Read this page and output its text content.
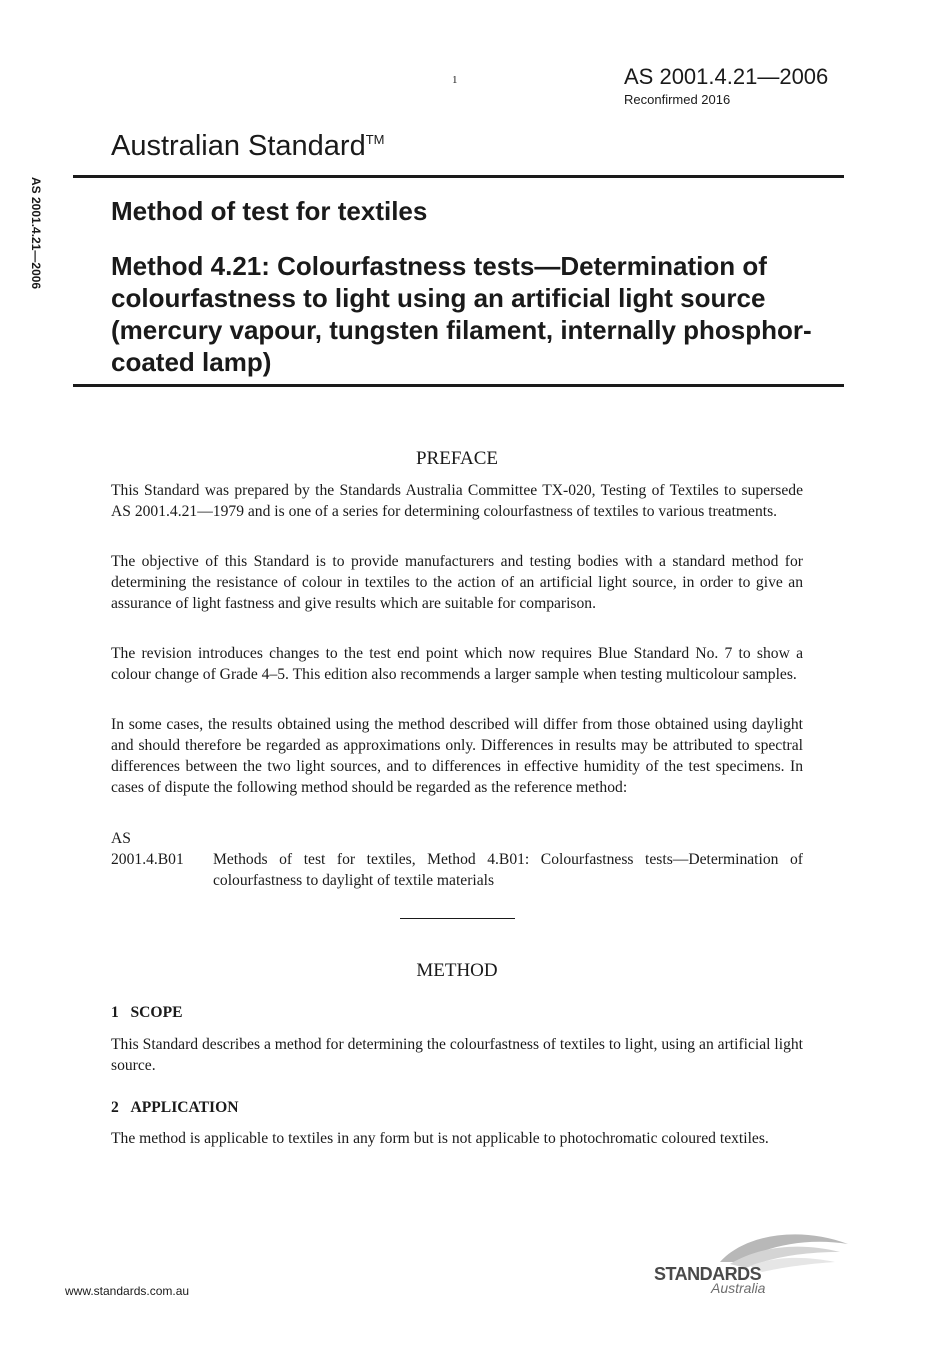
1	AS 2001.4.21—2006
Reconfirmed 2016
Australian Standard™
AS 2001.4.21—2006	Method of test for textiles
Method 4.21: Colourfastness tests—Determination of colourfastness to light using an artificial light source (mercury vapour, tungsten filament, internally phosphor-coated lamp)
PREFACE

This Standard was prepared by the Standards Australia Committee TX-020, Testing of Textiles to supersede AS 2001.4.21—1979 and is one of a series for determining colourfastness of textiles to various treatments.

The objective of this Standard is to provide manufacturers and testing bodies with a standard method for determining the resistance of colour in textiles to the action of an artificial light source, in order to give an assurance of light fastness and give results which are suitable for comparison.

The revision introduces changes to the test end point which now requires Blue Standard No. 7 to show a colour change of Grade 4–5. This edition also recommends a larger sample when testing multicolour samples.

In some cases, the results obtained using the method described will differ from those obtained using daylight and should therefore be regarded as approximations only. Differences in results may be attributed to spectral differences between the two light sources, and to differences in effective humidity of the test specimens. In cases of dispute the following method should be regarded as the reference method:

AS
2001.4.B01 Methods of test for textiles, Method 4.B01: Colourfastness tests—Determination of colourfastness to daylight of textile materials

METHOD
1 SCOPE

This Standard describes a method for determining the colourfastness of textiles to light, using an artificial light source.

2 APPLICATION

The method is applicable to textiles in any form but is not applicable to photochromatic coloured textiles.

www.standards.com.au
STANDARDS
Australia
